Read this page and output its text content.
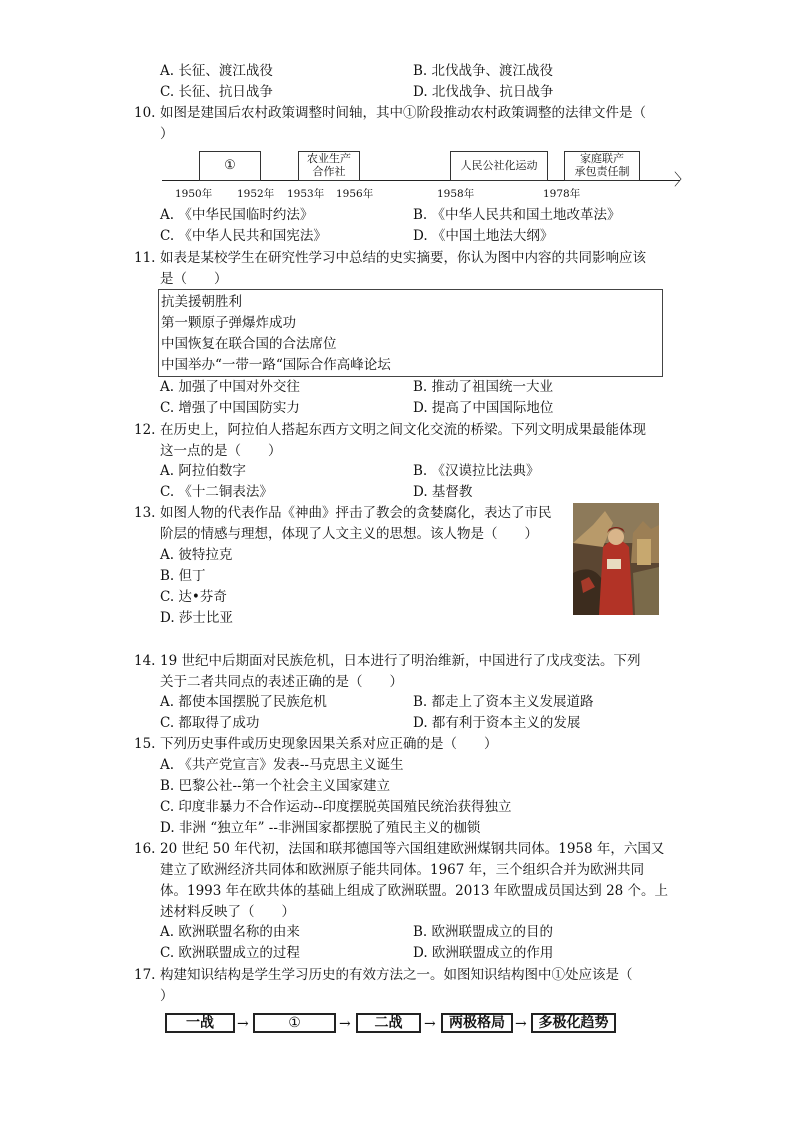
A. 长征、渡江战役	B. 北伐战争、渡江战役
C. 长征、抗日战争	D. 北伐战争、抗日战争
10. 如图是建国后农村政策调整时间轴，其中①阶段推动农村政策调整的法律文件是（
）
〉
①	农业生产
合作社	人民公社化运动
家庭联产
承包责任制
1950年 1952年 1953年 1956年	1958年	1978年
A. 《中华民国临时约法》	B. 《中华人民共和国土地改革法》
C. 《中华人民共和国宪法》	D. 《中国土地法大纲》
11. 如表是某校学生在研究性学习中总结的史实摘要，你认为图中内容的共同影响应该
是（　　）
抗美援朝胜利
第一颗原子弹爆炸成功
中国恢复在联合国的合法席位
中国举办“一带一路“国际合作高峰论坛
A. 加强了中国对外交往	B. 推动了祖国统一大业
C. 增强了中国国防实力	D. 提高了中国国际地位
12. 在历史上，阿拉伯人搭起东西方文明之间文化交流的桥梁。下列文明成果最能体现
这一点的是（　　）
A. 阿拉伯数字	B. 《汉谟拉比法典》
C. 《十二铜表法》	D. 基督教
13. 如图人物的代表作品《神曲》抨击了教会的贪婪腐化，表达了市民
阶层的情感与理想，体现了人文主义的思想。该人物是（　　）
A. 彼特拉克
B. 但丁
C. 达•芬奇
D. 莎士比亚
14. 19 世纪中后期面对民族危机，日本进行了明治维新，中国进行了戊戌变法。下列
关于二者共同点的表述正确的是（　　）
A. 都使本国摆脱了民族危机	B. 都走上了资本主义发展道路
C. 都取得了成功	D. 都有利于资本主义的发展
15. 下列历史事件或历史现象因果关系对应正确的是（　　）
A. 《共产党宣言》发表--马克思主义诞生
B. 巴黎公社--第一个社会主义国家建立
C. 印度非暴力不合作运动--印度摆脱英国殖民统治获得独立
D. 非洲 “独立年” --非洲国家都摆脱了殖民主义的枷锁
16. 20 世纪 50 年代初，法国和联邦德国等六国组建欧洲煤钢共同体。1958 年，六国又
建立了欧洲经济共同体和欧洲原子能共同体。1967 年，三个组织合并为欧洲共同
体。1993 年在欧共体的基础上组成了欧洲联盟。2013 年欧盟成员国达到 28 个。上
述材料反映了（　　）
A. 欧洲联盟名称的由来	B. 欧洲联盟成立的目的
C. 欧洲联盟成立的过程	D. 欧洲联盟成立的作用
17. 构建知识结构是学生学习历史的有效方法之一。如图知识结构图中①处应该是（
）
一战	→	①	→	二战	→ 两极格局 → 多极化趋势
